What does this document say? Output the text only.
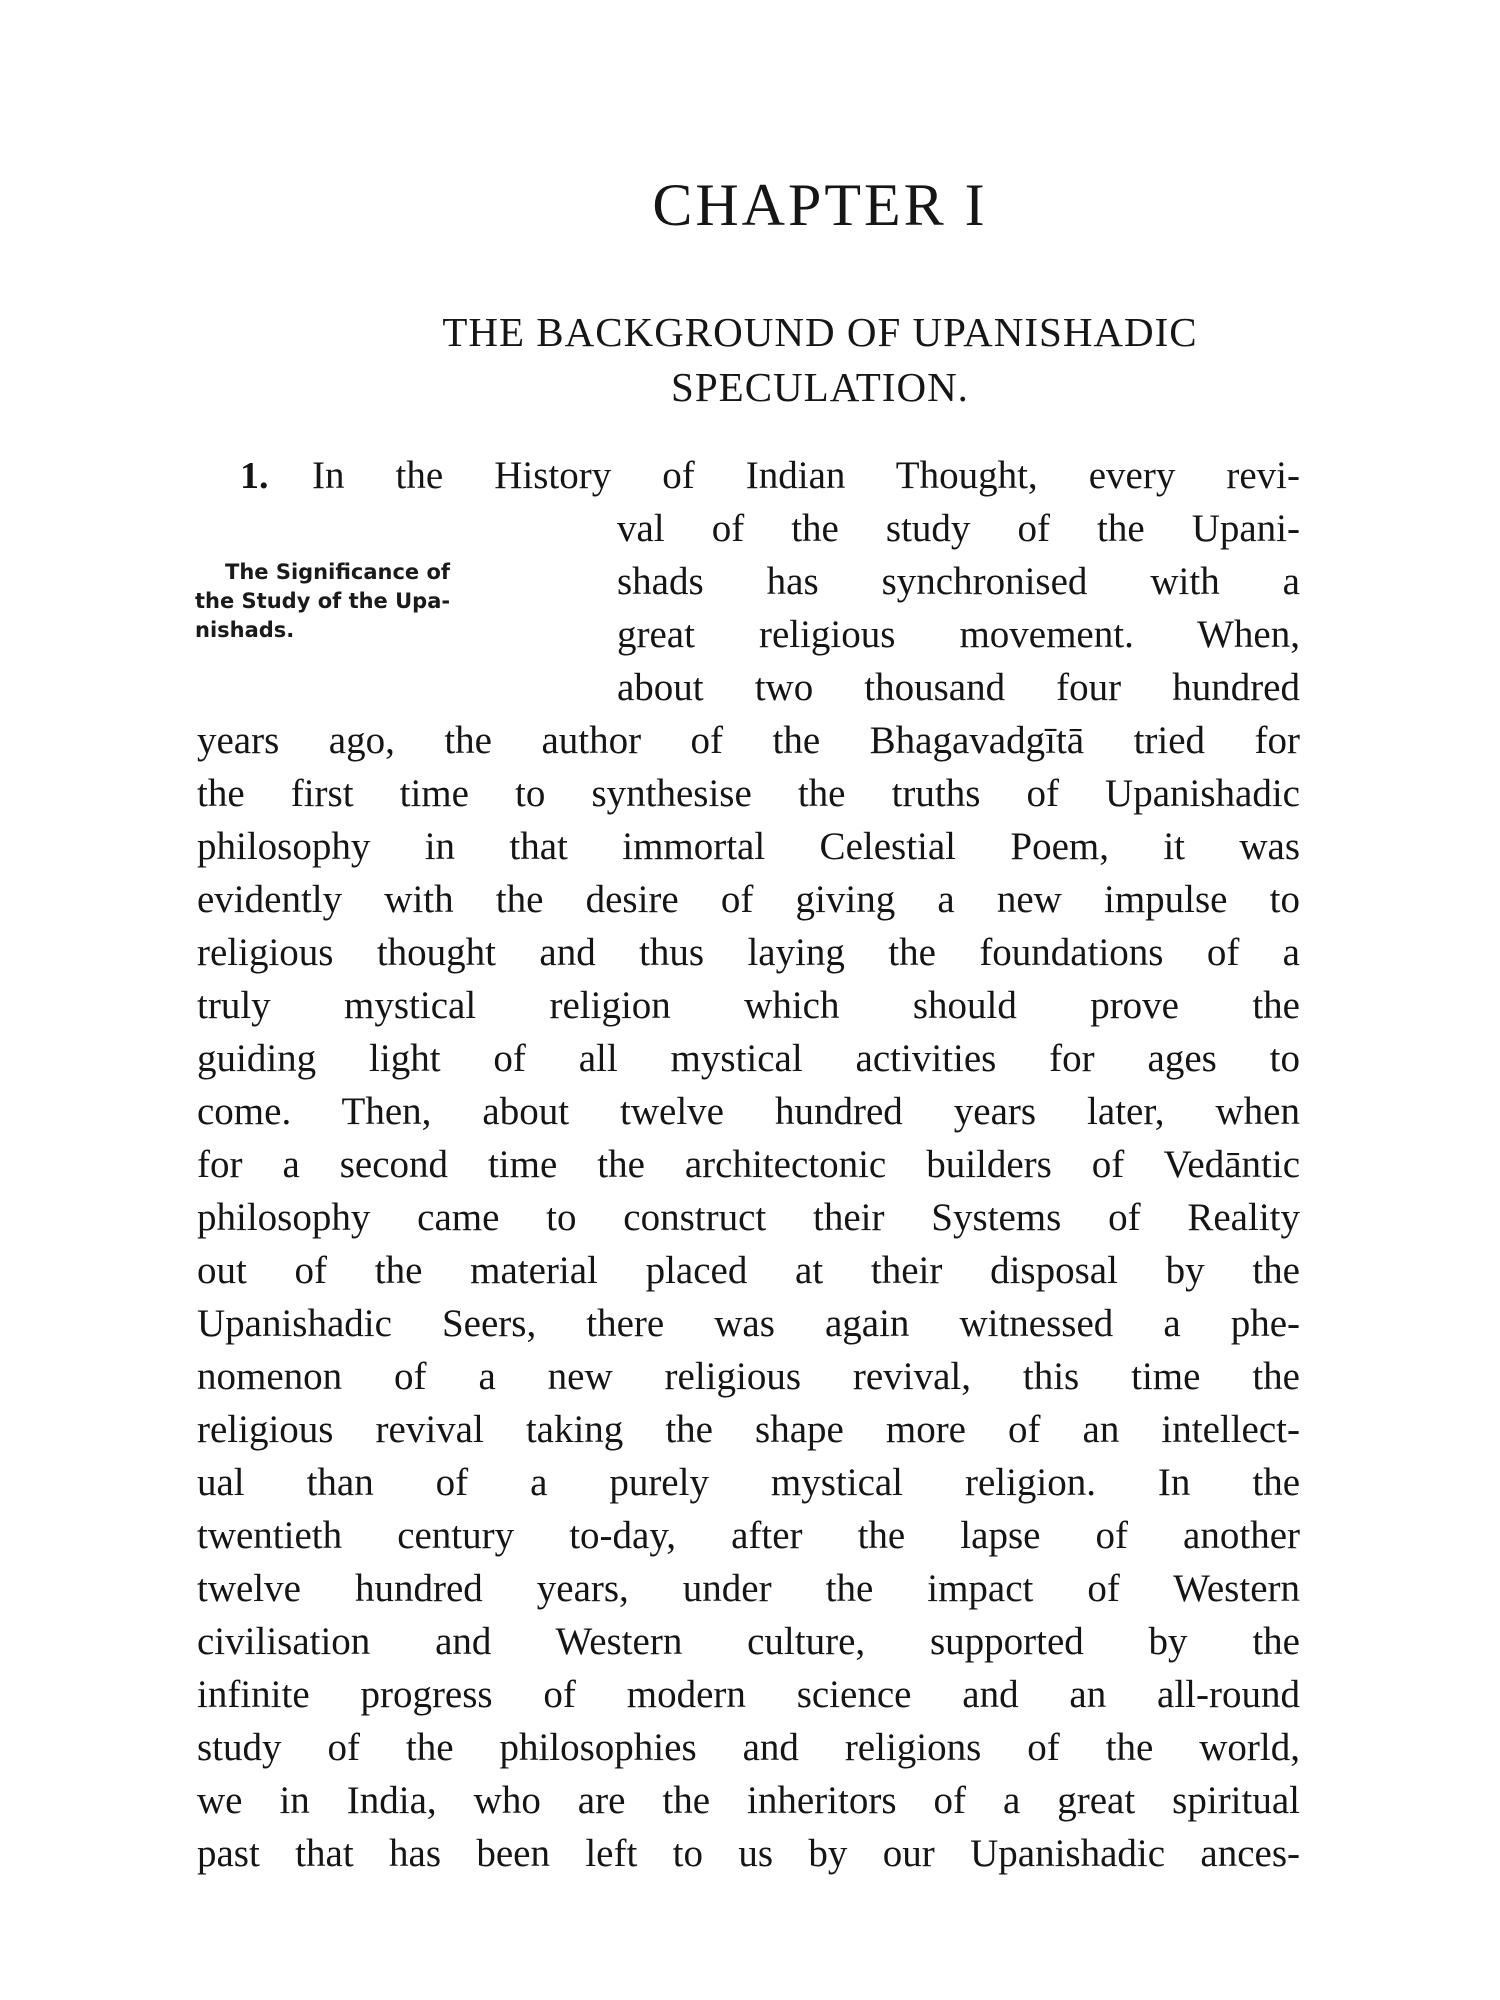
CHAPTER I
THE BACKGROUND OF UPANISHADIC
SPECULATION.
1.
The Significance of
the Study of the Upa-
nishads.
In the History of Indian Thought, every revi-
val of the study of the Upani-
shads has synchronised with a
great religious movement. When,
about two thousand four hundred
years ago, the author of the Bhagavadgītā tried for
the first time to synthesise the truths of Upanishadic
philosophy in that immortal Celestial Poem, it was
evidently with the desire of giving a new impulse to
religious thought and thus laying the foundations of a
truly mystical religion which should prove the
guiding light of all mystical activities for ages to
come. Then, about twelve hundred years later, when
for a second time the architectonic builders of Vedāntic
philosophy came to construct their Systems of Reality
out of the material placed at their disposal by the
Upanishadic Seers, there was again witnessed a phe-
nomenon of a new religious revival, this time the
religious revival taking the shape more of an intellect-
ual than of a purely mystical religion. In the
twentieth century to-day, after the lapse of another
twelve hundred years, under the impact of Western
civilisation and Western culture, supported by the
infinite progress of modern science and an all-round
study of the philosophies and religions of the world,
we in India, who are the inheritors of a great spiritual
past that has been left to us by our Upanishadic ances-
